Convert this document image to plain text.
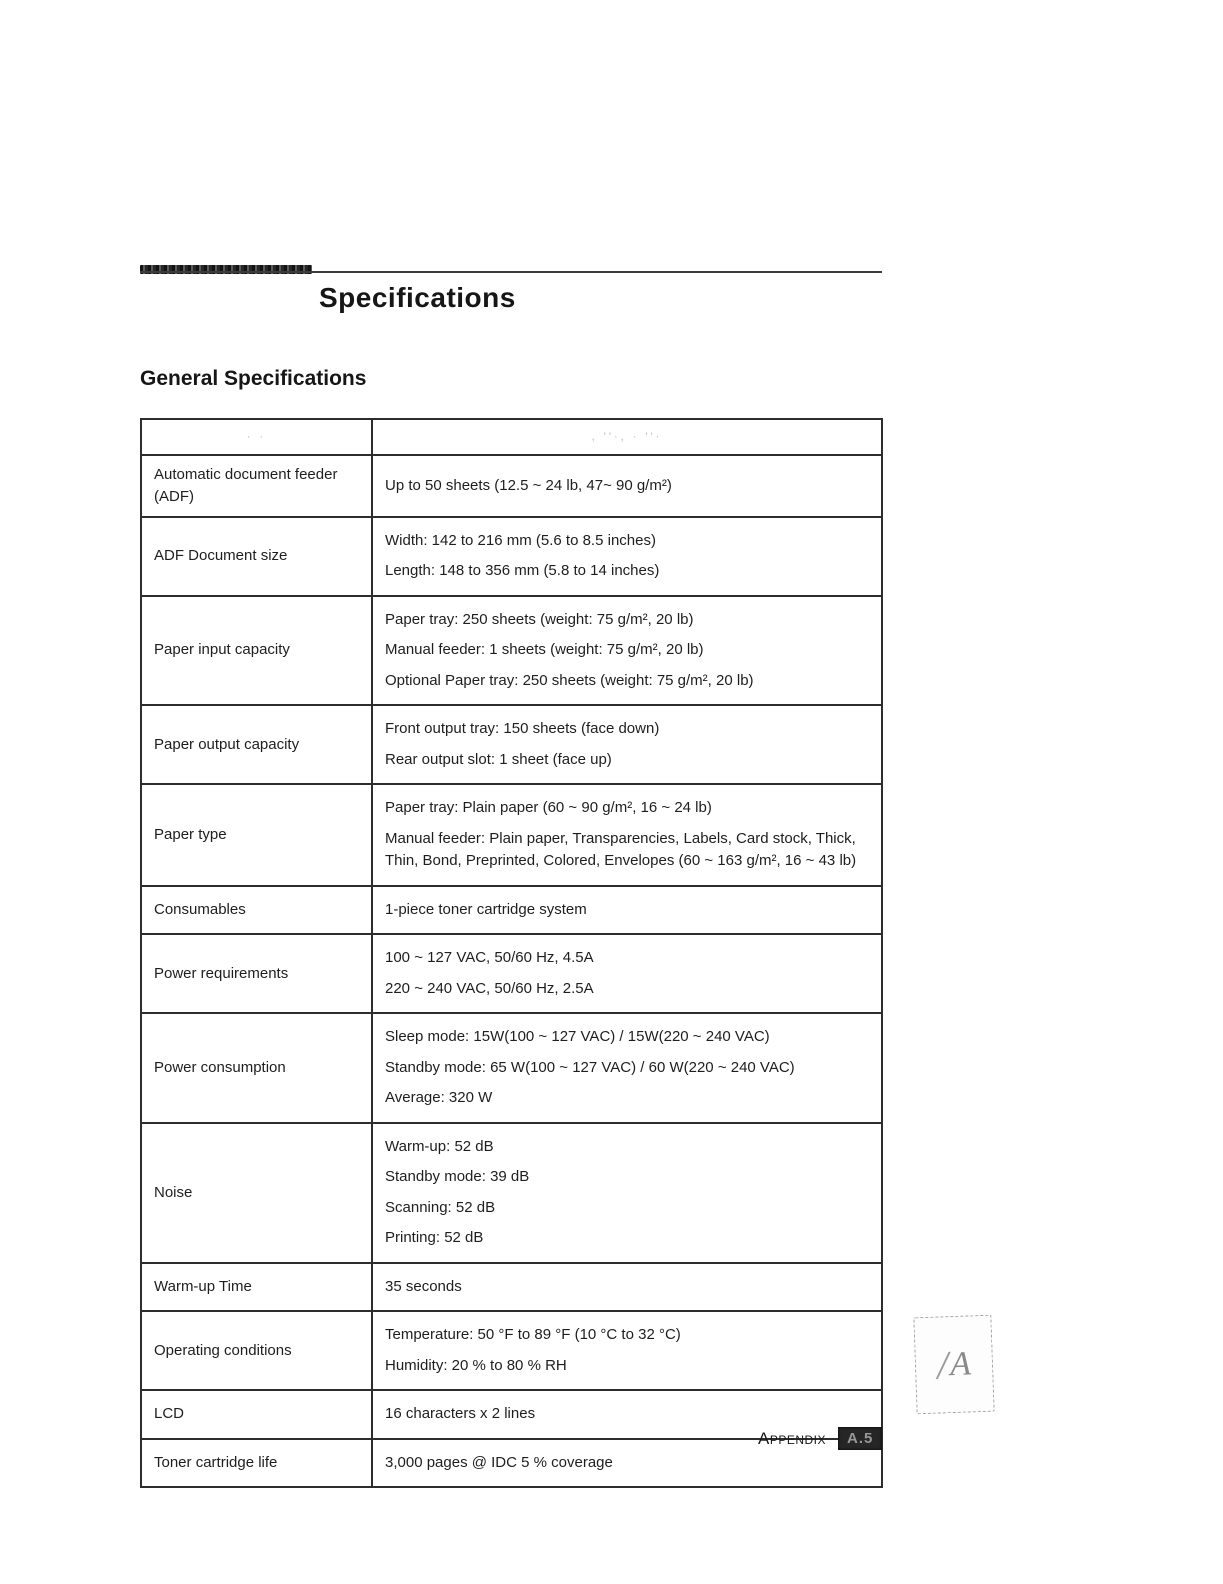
Specifications
General Specifications
· ·	, ''·, · ''·

Automatic document feeder (ADF)	Up to 50 sheets (12.5 ~ 24 lb, 47~ 90 g/m²)

ADF Document size	Width: 142 to 216 mm (5.6 to 8.5 inches)
Length: 148 to 356 mm (5.8 to 14 inches)

Paper input capacity	Paper tray: 250 sheets (weight: 75 g/m², 20 lb)
Manual feeder: 1 sheets (weight: 75 g/m², 20 lb)
Optional Paper tray: 250 sheets (weight: 75 g/m², 20 lb)

Paper output capacity	Front output tray: 150 sheets (face down)
Rear output slot: 1 sheet (face up)

Paper type	Paper tray: Plain paper (60 ~ 90 g/m², 16 ~ 24 lb)
Manual feeder: Plain paper, Transparencies, Labels, Card stock, Thick, Thin, Bond, Preprinted, Colored, Envelopes (60 ~ 163 g/m², 16 ~ 43 lb)

Consumables	1-piece toner cartridge system

Power requirements	100 ~ 127 VAC, 50/60 Hz, 4.5A
220 ~ 240 VAC, 50/60 Hz, 2.5A

Power consumption	Sleep mode: 15W(100 ~ 127 VAC) / 15W(220 ~ 240 VAC)
Standby mode: 65 W(100 ~ 127 VAC) / 60 W(220 ~ 240 VAC)
Average: 320 W

Noise	Warm-up: 52 dB
Standby mode: 39 dB
Scanning: 52 dB
Printing: 52 dB

Warm-up Time	35 seconds

Operating conditions	Temperature: 50 °F to 89 °F (10 °C to 32 °C)
Humidity: 20 % to 80 % RH

LCD	16 characters x 2 lines

Toner cartridge life	3,000 pages @ IDC 5 % coverage
/ A
Appendix	A.5
